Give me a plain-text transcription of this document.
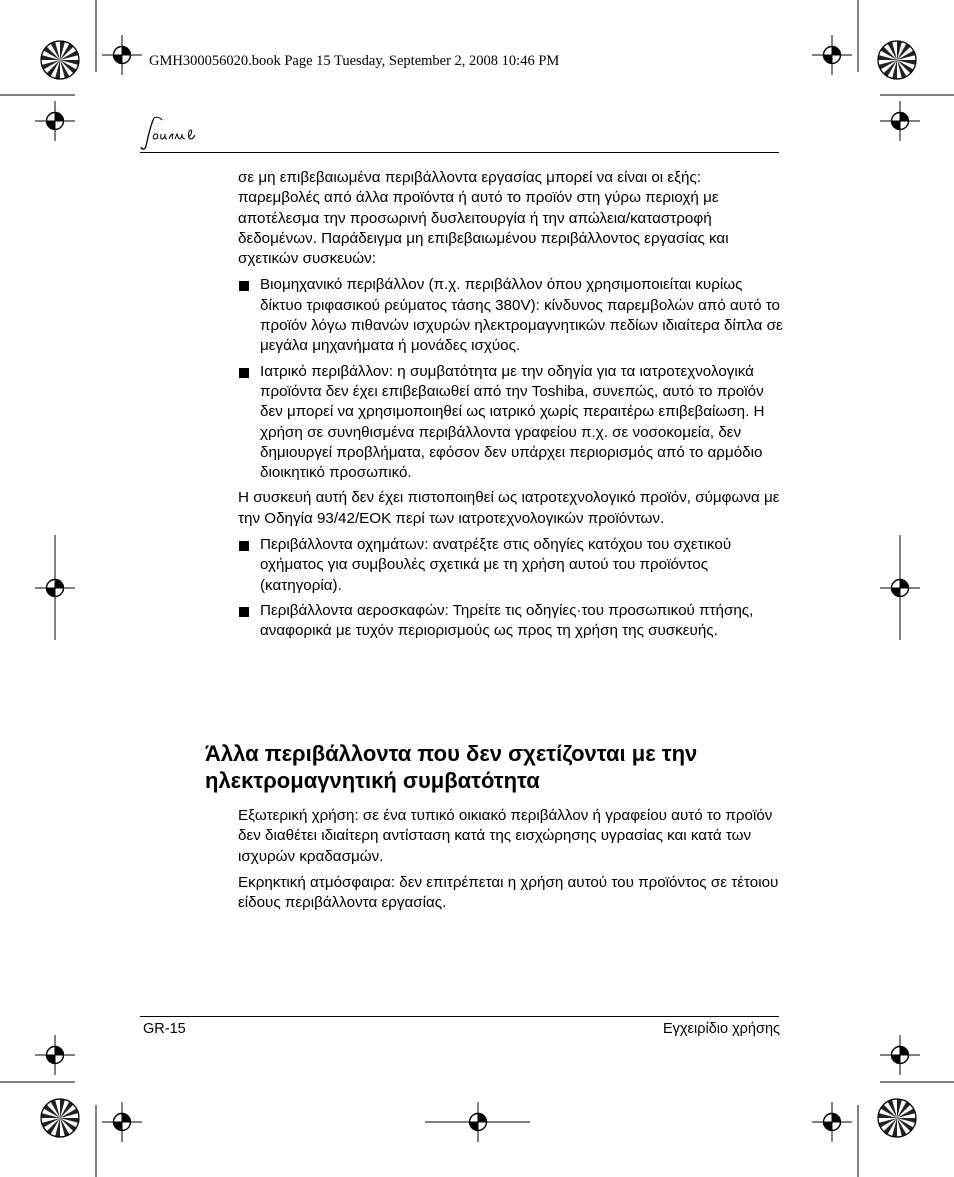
GMH300056020.book Page 15 Tuesday, September 2, 2008 10:46 PM

σε μη επιβεβαιωμένα περιβάλλοντα εργασίας μπορεί να είναι οι εξής: παρεμβολές από άλλα προϊόντα ή αυτό το προϊόν στη γύρω περιοχή με αποτέλεσμα την προσωρινή δυσλειτουργία ή την απώλεια/καταστροφή δεδομένων. Παράδειγμα μη επιβεβαιωμένου περιβάλλοντος εργασίας και σχετικών συσκευών:

Βιομηχανικό περιβάλλον (π.χ. περιβάλλον όπου χρησιμοποιείται κυρίως δίκτυο τριφασικού ρεύματος τάσης 380V): κίνδυνος παρεμβολών από αυτό το προϊόν λόγω πιθανών ισχυρών ηλεκτρομαγνητικών πεδίων ιδιαίτερα δίπλα σε μεγάλα μηχανήματα ή μονάδες ισχύος.
Ιατρικό περιβάλλον: η συμβατότητα με την οδηγία για τα ιατροτεχνολογικά προϊόντα δεν έχει επιβεβαιωθεί από την Toshiba, συνεπώς, αυτό το προϊόν δεν μπορεί να χρησιμοποιηθεί ως ιατρικό χωρίς περαιτέρω επιβεβαίωση. Η χρήση σε συνηθισμένα περιβάλλοντα γραφείου π.χ. σε νοσοκομεία, δεν δημιουργεί προβλήματα, εφόσον δεν υπάρχει περιορισμός από το αρμόδιο διοικητικό προσωπικό.

Η συσκευή αυτή δεν έχει πιστοποιηθεί ως ιατροτεχνολογικό προϊόν, σύμφωνα με την Οδηγία 93/42/ΕΟΚ περί των ιατροτεχνολογικών προϊόντων.

Περιβάλλοντα οχημάτων: ανατρέξτε στις οδηγίες κατόχου του σχετικού οχήματος για συμβουλές σχετικά με τη χρήση αυτού του προϊόντος (κατηγορία).
Περιβάλλοντα αεροσκαφών: Τηρείτε τις οδηγίες·του προσωπικού πτήσης, αναφορικά με τυχόν περιορισμούς ως προς τη χρήση της συσκευής.
Άλλα περιβάλλοντα που δεν σχετίζονται με την ηλεκτρομαγνητική συμβατότητα

Εξωτερική χρήση: σε ένα τυπικό οικιακό περιβάλλον ή γραφείου αυτό το προϊόν δεν διαθέτει ιδιαίτερη αντίσταση κατά της εισχώρησης υγρασίας και κατά των ισχυρών κραδασμών.

Εκρηκτική ατμόσφαιρα: δεν επιτρέπεται η χρήση αυτού του προϊόντος σε τέτοιου είδους περιβάλλοντα εργασίας.

GR-15	Εγχειρίδιο χρήσης
